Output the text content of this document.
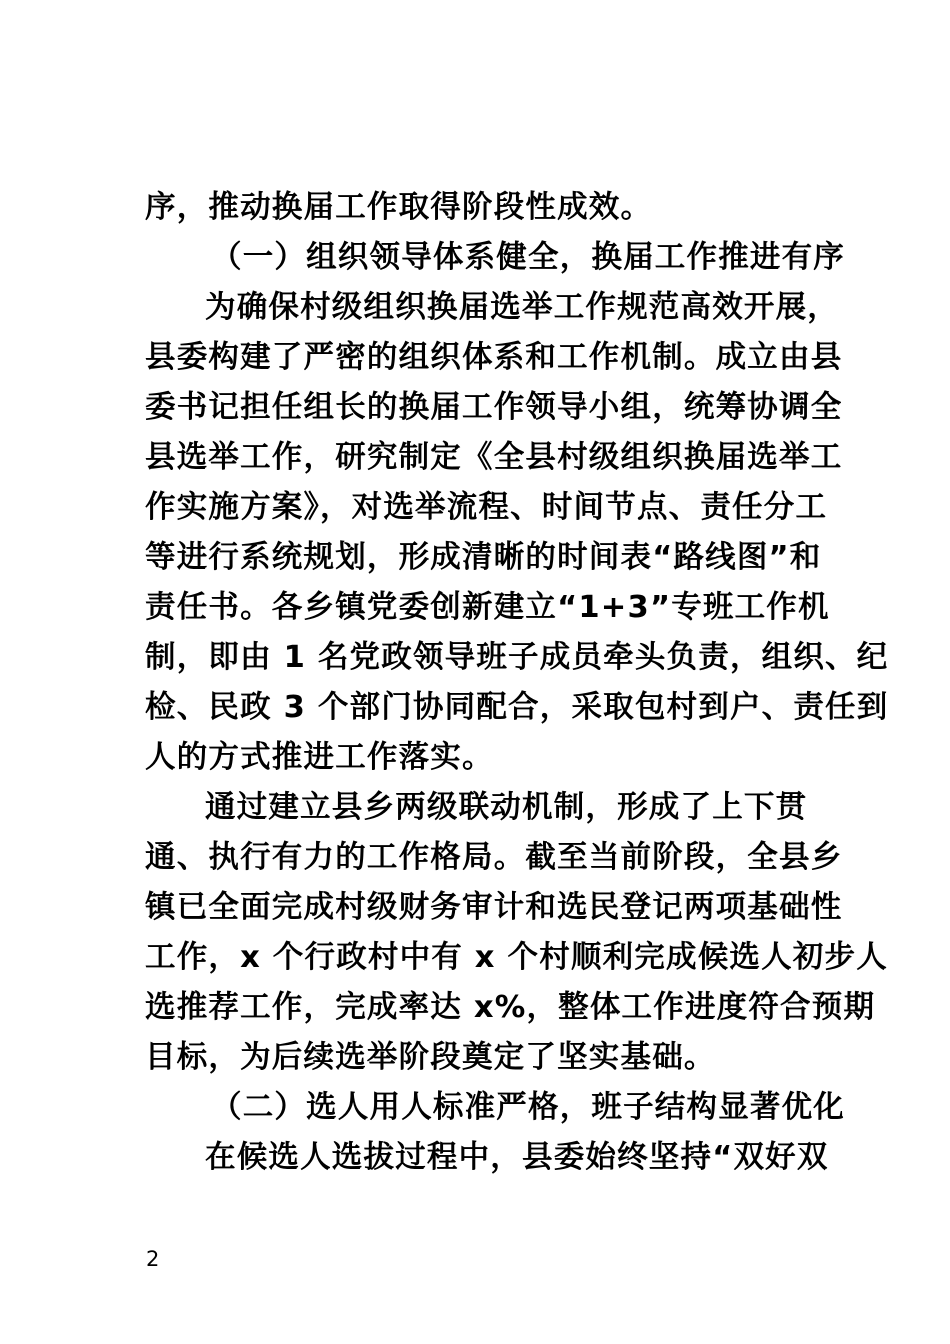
序，推动换届工作取得阶段性成效。
（一）组织领导体系健全，换届工作推进有序
为确保村级组织换届选举工作规范高效开展，
县委构建了严密的组织体系和工作机制。成立由县
委书记担任组长的换届工作领导小组，统筹协调全
县选举工作，研究制定《全县村级组织换届选举工
作实施方案》，对选举流程、时间节点、责任分工
等进行系统规划，形成清晰的时间表“路线图”和
责任书。各乡镇党委创新建立“1+3”专班工作机
制，即由 1 名党政领导班子成员牵头负责，组织、纪
检、民政 3 个部门协同配合，采取包村到户、责任到
人的方式推进工作落实。
通过建立县乡两级联动机制，形成了上下贯
通、执行有力的工作格局。截至当前阶段，全县乡
镇已全面完成村级财务审计和选民登记两项基础性
工作，x 个行政村中有 x 个村顺利完成候选人初步人
选推荐工作，完成率达 x%，整体工作进度符合预期
目标，为后续选举阶段奠定了坚实基础。
（二）选人用人标准严格，班子结构显著优化
在候选人选拔过程中，县委始终坚持“双好双
2
